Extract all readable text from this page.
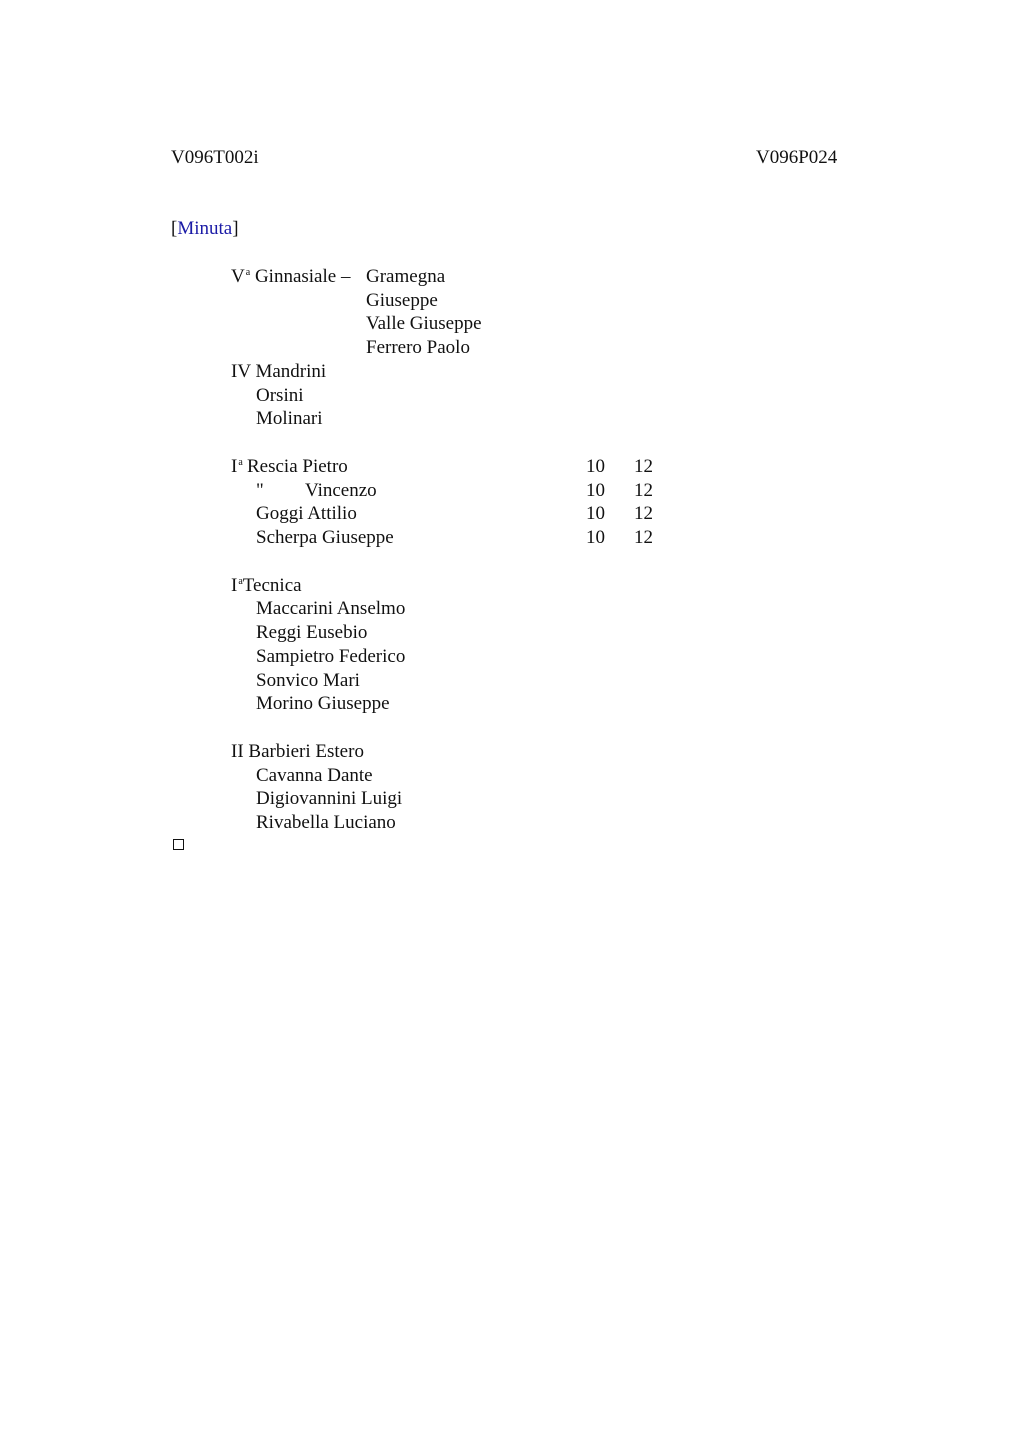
V096T002i	V096P024
[Minuta]
$V^a$ Ginnasiale – Gramegna
Giuseppe
Valle Giuseppe
Ferrero Paolo
IV Mandrini
Orsini
Molinari
$I^a$ Rescia Pietro	10 12
" Vincenzo	10 12
Goggi Attilio	10 12
Scherpa Giuseppe	10 12
$I^aTecnica$
Maccarini Anselmo
Reggi Eusebio
Sampietro Federico
Sonvico Mari
Morino Giuseppe
II Barbieri Estero
Cavanna Dante
Digiovannini Luigi
Rivabella Luciano
